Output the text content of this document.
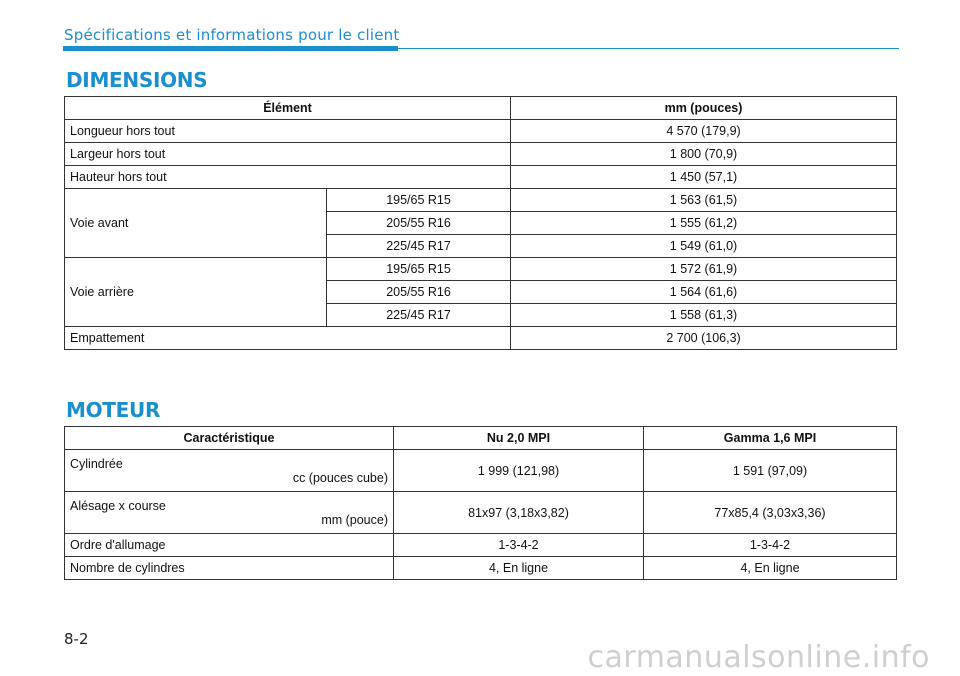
Spécifications et informations pour le client
DIMENSIONS
Élément		mm (pouces)
Longueur hors tout		4 570 (179,9)
Largeur hors tout		1 800 (70,9)
Hauteur hors tout		1 450 (57,1)
Voie avant	195/65 R15	1 563 (61,5)
	205/55 R16	1 555 (61,2)
	225/45 R17	1 549 (61,0)
Voie arrière	195/65 R15	1 572 (61,9)
	205/55 R16	1 564 (61,6)
	225/45 R17	1 558 (61,3)
Empattement		2 700 (106,3)
MOTEUR
Caractéristique	Nu 2,0 MPI	Gamma 1,6 MPI
Cylindrée
cc (pouces cube)	1 999 (121,98)	1 591 (97,09)
Alésage x course
mm (pouce)	81x97 (3,18x3,82)	77x85,4 (3,03x3,36)
Ordre d'allumage	1-3-4-2	1-3-4-2
Nombre de cylindres	4, En ligne	4, En ligne
8-2
carmanualsonline.info
